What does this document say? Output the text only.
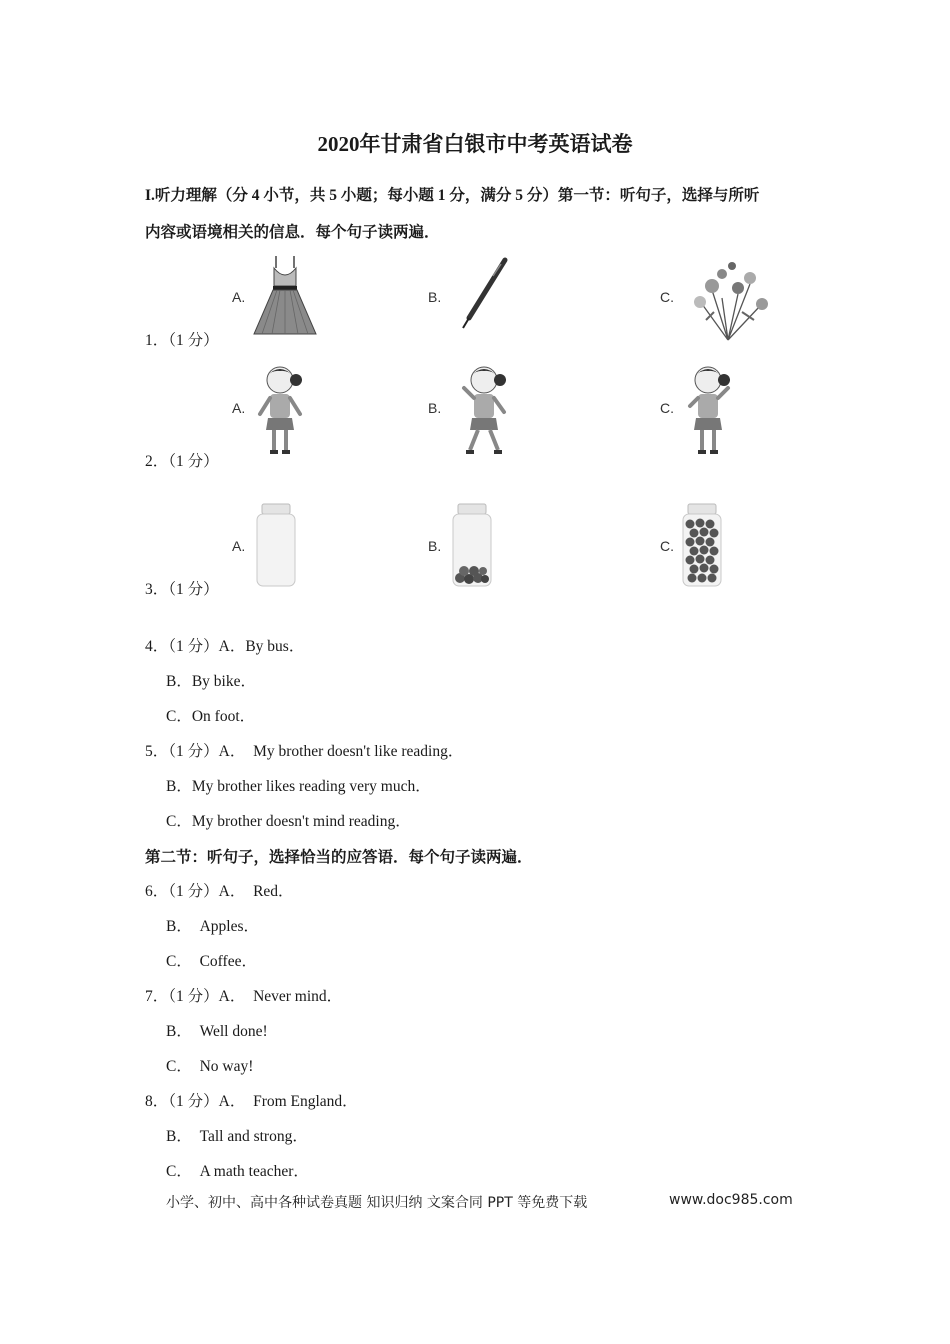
2020年甘肃省白银市中考英语试卷
I.听力理解（分 4 小节，共 5 小题；每小题 1 分，满分 5 分）第一节：听句子，选择与所听
内容或语境相关的信息．每个句子读两遍．
1．（1 分）
A.	B.	C.
2．（1 分）
A.	B.	C.
3．（1 分）
A.	B.	C.
4．（1 分）A．By bus．
B．By bike．
C．On foot．
5．（1 分）A．　My brother doesn't like reading．
B．My brother likes reading very much．
C．My brother doesn't mind reading．
第二节：听句子，选择恰当的应答语．每个句子读两遍．
6．（1 分）A．　Red．
B．　Apples．
C．　Coffee．
7．（1 分）A．　Never mind．
B．　Well done!
C．　No way!
8．（1 分）A．　From England．
B．　Tall and strong．
C．　A math teacher．
小学、初中、高中各种试卷真题 知识归纳 文案合同 PPT 等免费下载	www.doc985.com
